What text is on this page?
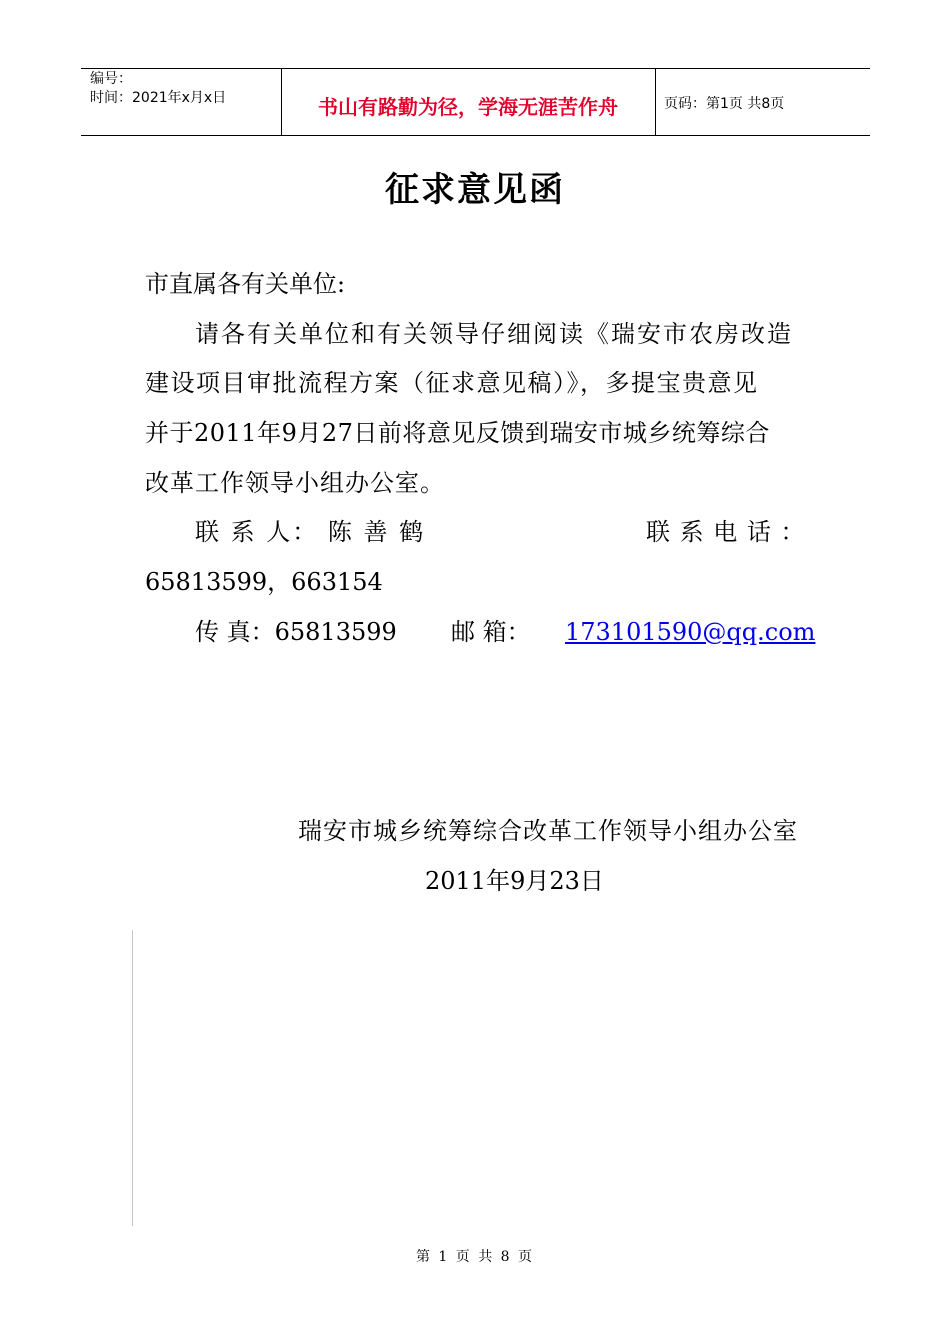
编号：
时间：2021年x月x日	书山有路勤为径，学海无涯苦作舟	页码：第1页 共8页
征求意见函
市直属各有关单位:
请各有关单位和有关领导仔细阅读《瑞安市农房改造
建设项目审批流程方案（征求意见稿）》，多提宝贵意见
并于2011年9月27日前将意见反馈到瑞安市城乡统筹综合
改革工作领导小组办公室。
联 系 人： 陈 善 鹤	联 系 电 话 ：
65813599，663154
传 真：65813599 邮 箱： 173101590@qq.com
瑞安市城乡统筹综合改革工作领导小组办公室
2011年9月23日
第 1 页 共 8 页
